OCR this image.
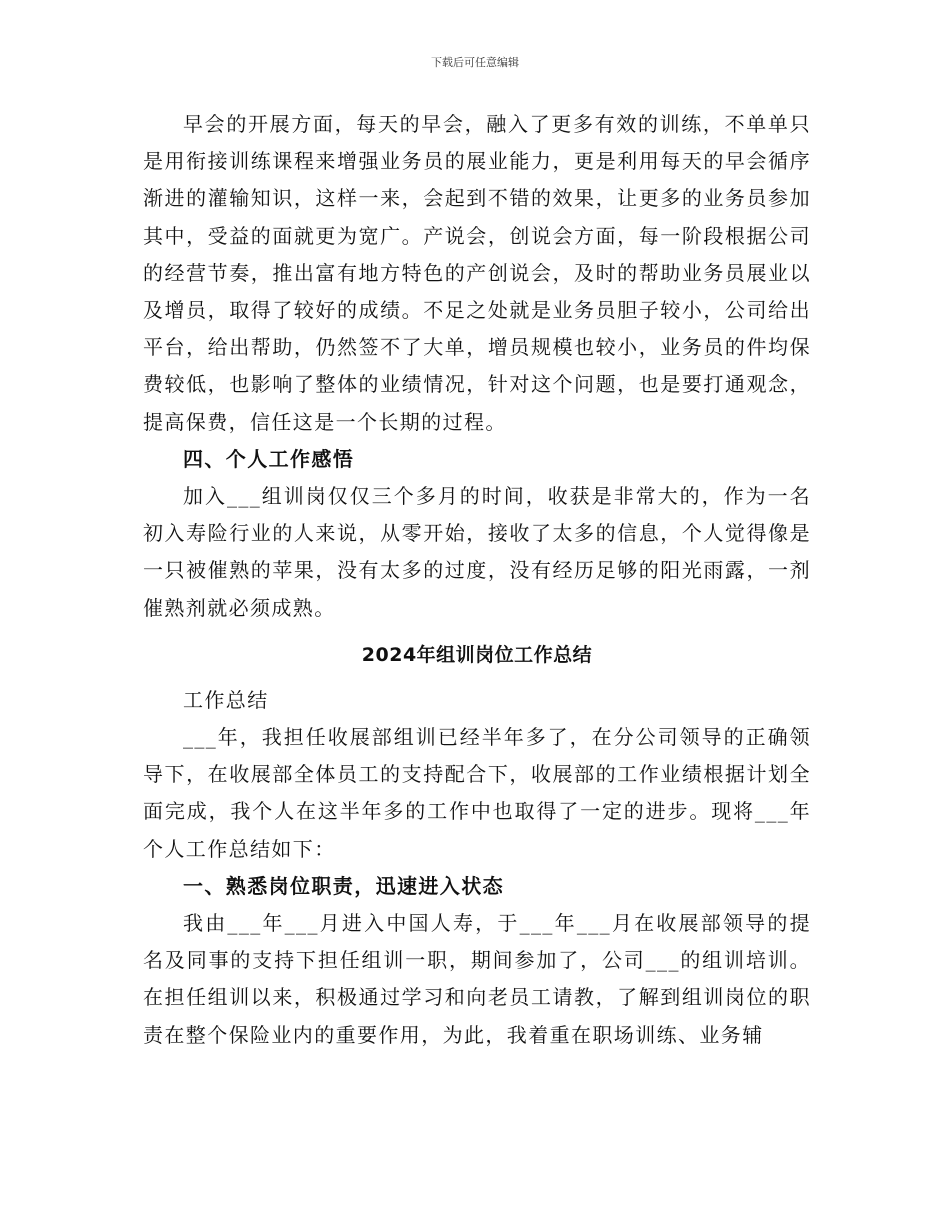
下载后可任意编辑

早会的开展方面，每天的早会，融入了更多有效的训练，不单单只是用衔接训练课程来增强业务员的展业能力，更是利用每天的早会循序渐进的灌输知识，这样一来，会起到不错的效果，让更多的业务员参加其中，受益的面就更为宽广。产说会，创说会方面，每一阶段根据公司的经营节奏，推出富有地方特色的产创说会，及时的帮助业务员展业以及增员，取得了较好的成绩。不足之处就是业务员胆子较小，公司给出平台，给出帮助，仍然签不了大单，增员规模也较小，业务员的件均保费较低，也影响了整体的业绩情况，针对这个问题，也是要打通观念，提高保费，信任这是一个长期的过程。

四、个人工作感悟

加入___组训岗仅仅三个多月的时间，收获是非常大的，作为一名初入寿险行业的人来说，从零开始，接收了太多的信息，个人觉得像是一只被催熟的苹果，没有太多的过度，没有经历足够的阳光雨露，一剂催熟剂就必须成熟。

2024年组训岗位工作总结

工作总结

___年，我担任收展部组训已经半年多了，在分公司领导的正确领导下，在收展部全体员工的支持配合下，收展部的工作业绩根据计划全面完成，我个人在这半年多的工作中也取得了一定的进步。现将___年个人工作总结如下：

一、熟悉岗位职责，迅速进入状态

我由___年___月进入中国人寿，于___年___月在收展部领导的提名及同事的支持下担任组训一职，期间参加了，公司___的组训培训。在担任组训以来，积极通过学习和向老员工请教，了解到组训岗位的职责在整个保险业内的重要作用，为此，我着重在职场训练、业务辅
